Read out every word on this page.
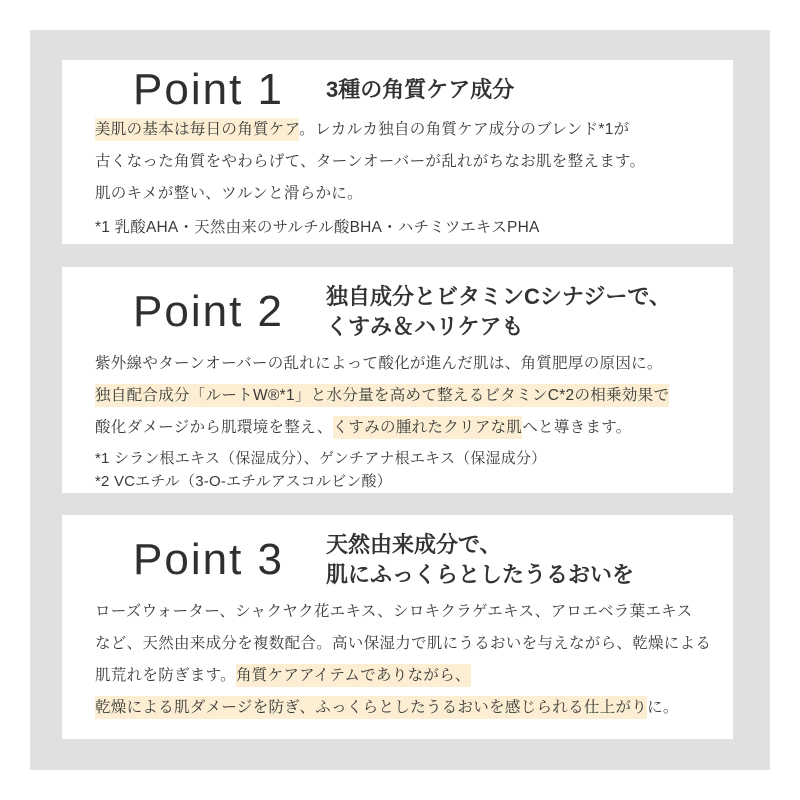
Point 1 3種の角質ケア成分
美肌の基本は毎日の角質ケア。レカルカ独自の角質ケア成分のブレンド*1が
古くなった角質をやわらげて、ターンオーバーが乱れがちなお肌を整えます。
肌のキメが整い、ツルンと滑らかに。
*1 乳酸AHA・天然由来のサルチル酸BHA・ハチミツエキスPHA
Point 2 独自成分とビタミンCシナジーで、
くすみ＆ハリケアも
紫外線やターンオーバーの乱れによって酸化が進んだ肌は、角質肥厚の原因に。
独自配合成分「ルートW®*1」と水分量を高めて整えるビタミンC*2の相乗効果で
酸化ダメージから肌環境を整え、くすみの腫れたクリアな肌へと導きます。
*1 シラン根エキス（保湿成分）、ゲンチアナ根エキス（保湿成分）
*2 VCエチル（3-O-エチルアスコルビン酸）
Point 3 天然由来成分で、
肌にふっくらとしたうるおいを
ローズウォーター、シャクヤク花エキス、シロキクラゲエキス、アロエベラ葉エキス
など、天然由来成分を複数配合。高い保湿力で肌にうるおいを与えながら、乾燥による
肌荒れを防ぎます。角質ケアアイテムでありながら、
乾燥による肌ダメージを防ぎ、ふっくらとしたうるおいを感じられる仕上がりに。
